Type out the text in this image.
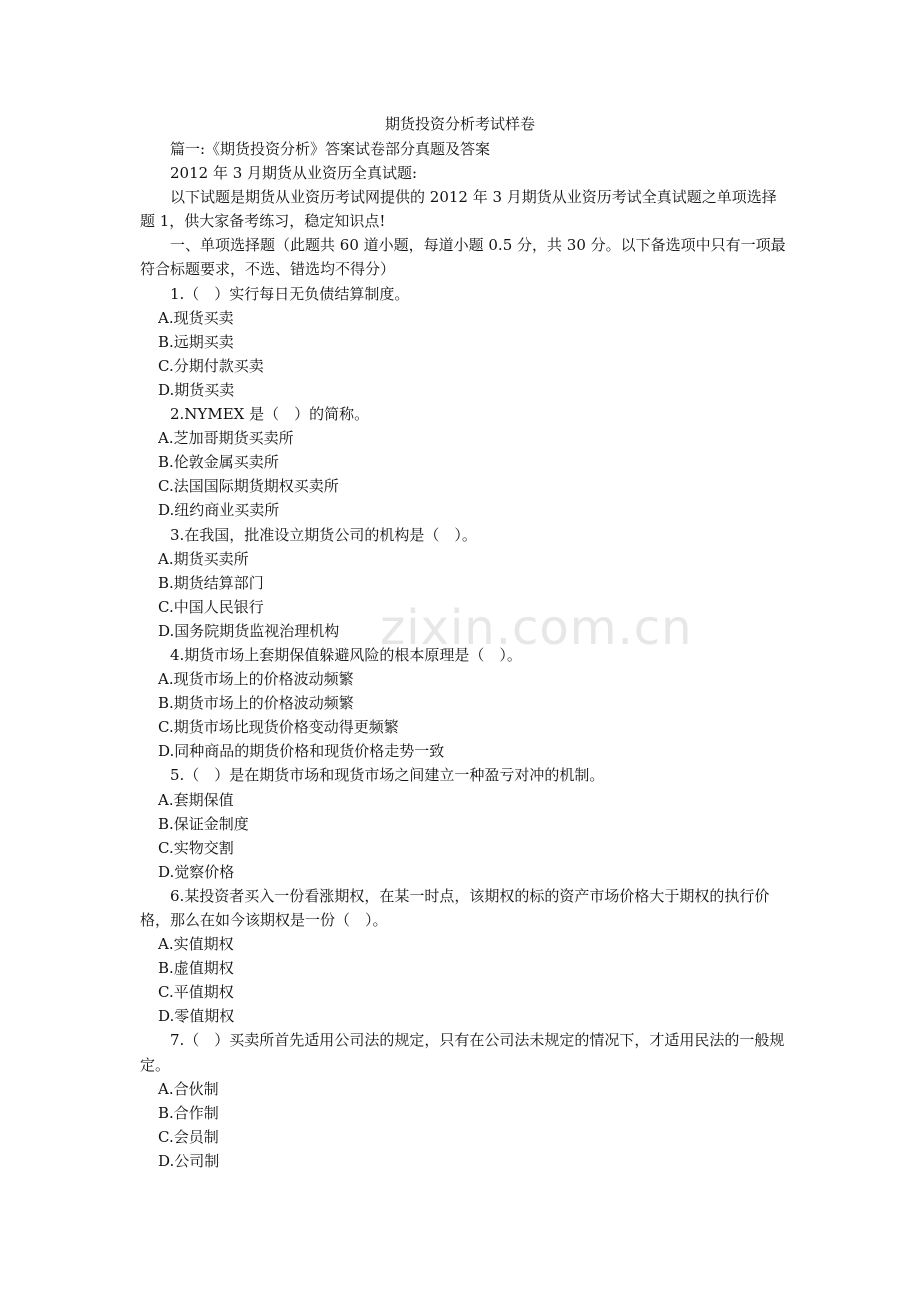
期货投资分析考试样卷

篇一:《期货投资分析》答案试卷部分真题及答案

2012 年 3 月期货从业资历全真试题:

以下试题是期货从业资历考试网提供的 2012 年 3 月期货从业资历考试全真试题之单项选择题 1，供大家备考练习，稳定知识点!

一、单项选择题（此题共 60 道小题，每道小题 0.5 分，共 30 分。以下备选项中只有一项最符合标题要求，不选、错选均不得分）

1.（　）实行每日无负债结算制度。

A.现货买卖

B.远期买卖

C.分期付款买卖

D.期货买卖

2.NYMEX 是（　）的简称。

A.芝加哥期货买卖所

B.伦敦金属买卖所

C.法国国际期货期权买卖所

D.纽约商业买卖所

3.在我国，批准设立期货公司的机构是（　）。

A.期货买卖所

B.期货结算部门

C.中国人民银行

D.国务院期货监视治理机构

4.期货市场上套期保值躲避风险的根本原理是（　）。

A.现货市场上的价格波动频繁

B.期货市场上的价格波动频繁

C.期货市场比现货价格变动得更频繁

D.同种商品的期货价格和现货价格走势一致

5.（　）是在期货市场和现货市场之间建立一种盈亏对冲的机制。

A.套期保值

B.保证金制度

C.实物交割

D.觉察价格

6.某投资者买入一份看涨期权，在某一时点，该期权的标的资产市场价格大于期权的执行价格，那么在如今该期权是一份（　）。

A.实值期权

B.虚值期权

C.平值期权

D.零值期权

7.（　）买卖所首先适用公司法的规定，只有在公司法未规定的情况下，才适用民法的一般规定。

A.合伙制

B.合作制

C.会员制

D.公司制

zixin.com.cn
